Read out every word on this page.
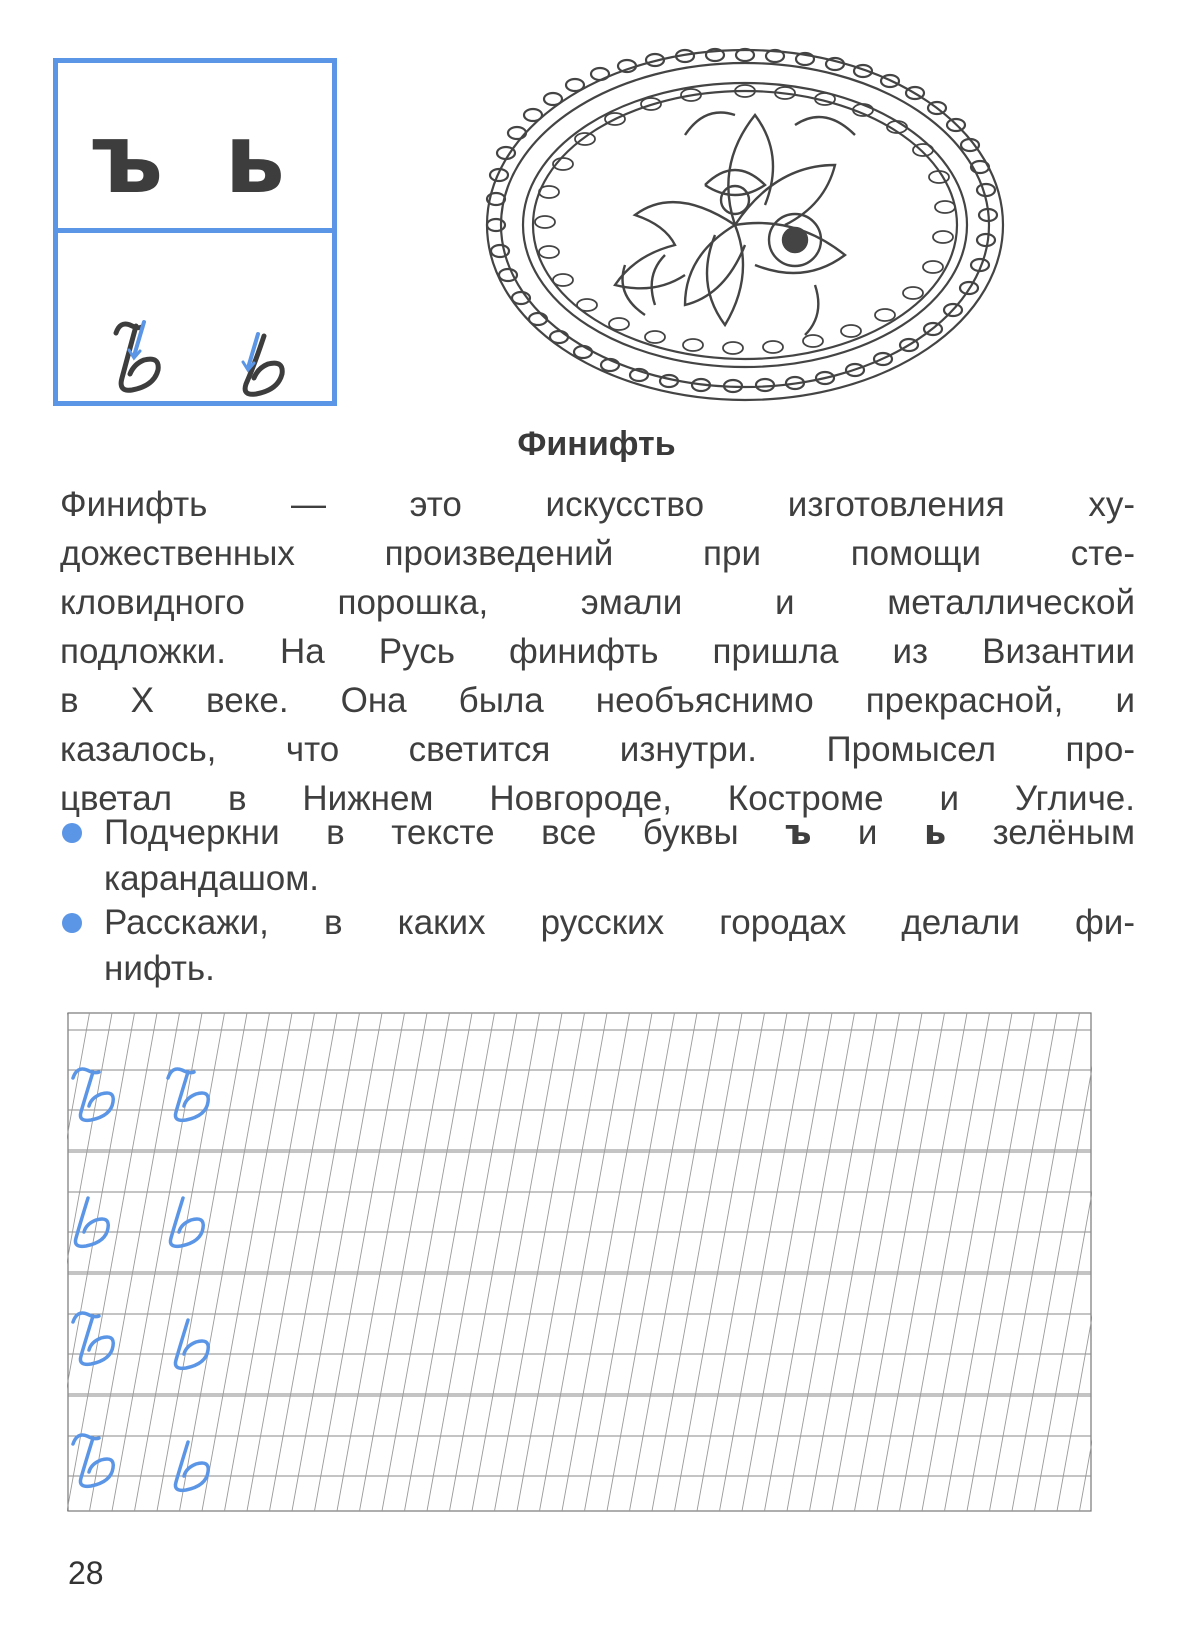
ъ ь
Финифть
Финифть — это искусство изготовления ху-
дожественных произведений при помощи сте-
кловидного порошка, эмали и металлической
подложки. На Русь финифть пришла из Византии
в X веке. Она была необъяснимо прекрасной, и
казалось, что светится изнутри. Промысел про-
цветал в Нижнем Новгороде, Костроме и Угличе.
Подчеркни в тексте все буквы ъ и ь зелёным
карандашом.
Расскажи, в каких русских городах делали фи-
нифть.
28
